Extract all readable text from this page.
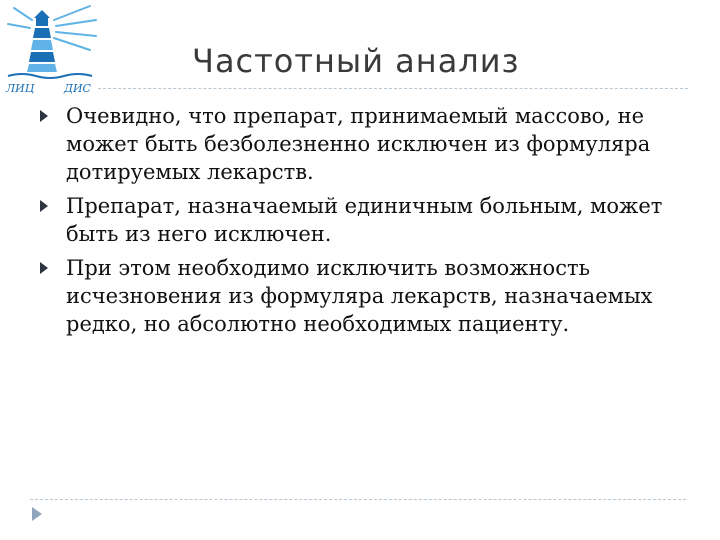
ЛИЦ	ДИС
Частотный анализ
Очевидно, что препарат, принимаемый массово, не может быть безболезненно исключен из формуляра дотируемых лекарств.
Препарат, назначаемый единичным больным, может быть из него исключен.
При этом необходимо исключить возможность исчезновения из формуляра лекарств, назначаемых редко, но абсолютно необходимых пациенту.
